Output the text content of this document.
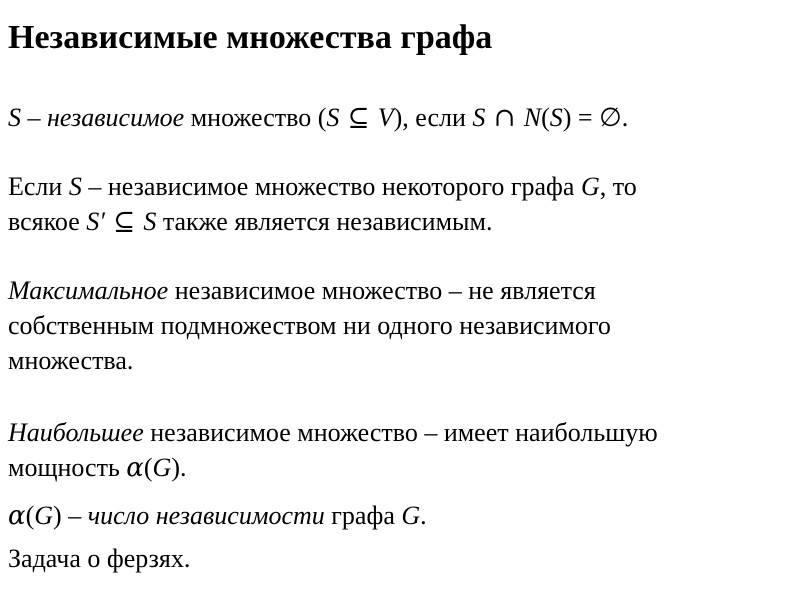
Независимые множества графа
S – независимое множество (S ⊆ V), если S ∩ N(S) = ∅.
Если S – независимое множество некоторого графа G, то
всякое S′ ⊆ S также является независимым.
Максимальное независимое множество – не является
собственным подмножеством ни одного независимого
множества.
Наибольшее независимое множество – имеет наибольшую
мощность α(G).
α(G) – число независимости графа G.
Задача о ферзях.
